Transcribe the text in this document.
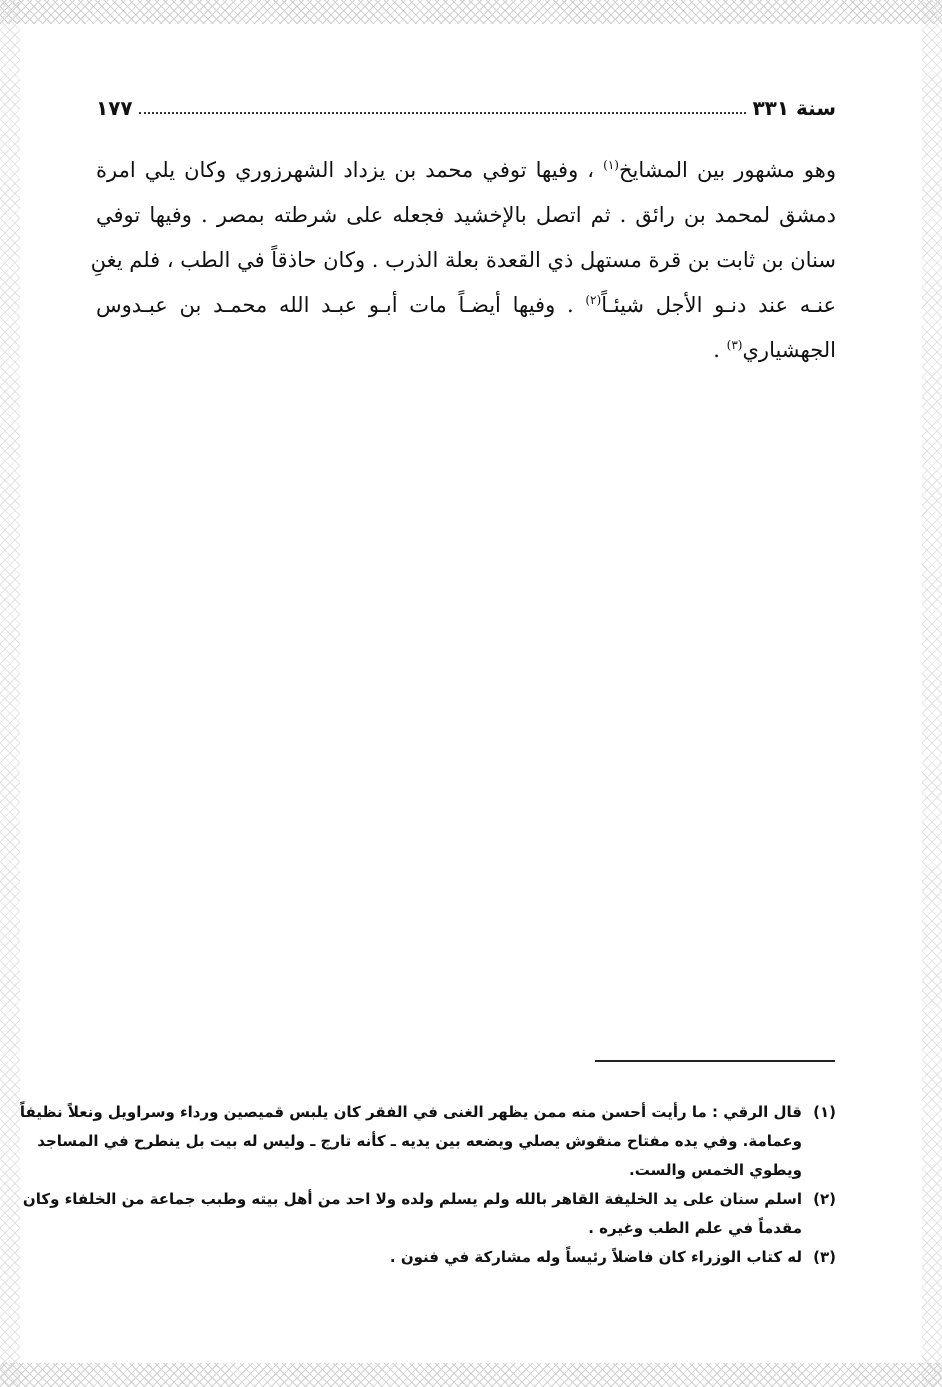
سنة ٣٣١
١٧٧
وهو مشهور بين المشايخ$^{(١)}$ ، وفيها توفي محمد بن يزداد الشهرزوري وكان يلي امرة
دمشق لمحمد بن رائق . ثم اتصل بالإخشيد فجعله على شرطته بمصر . وفيها توفي
سنان بن ثابت بن قرة مستهل ذي القعدة بعلة الذرب . وكان حاذقاً في الطب ، فلم يغنِ
عنـه عند دنـو الأجل شيئـاً$^{(٢)}$ . وفيها أيضـاً مات أبـو عبـد الله محمـد بن عبـدوس
الجهشياري$^{(٣)}$ .
(١)
قال الرقي : ما رأيت أحسن منه ممن يظهر الغنى في الفقر كان يلبس قميصين ورداء وسراويل ونعلاً نظيفاً
وعمامة. وفي يده مفتاح منقوش يصلي ويضعه بين يديه ـ كأنه تارج ـ وليس له بيت بل ينطرح في المساجد
ويطوي الخمس والست.
(٢)
اسلم سنان على يد الخليفة القاهر بالله ولم يسلم ولده ولا احد من أهل بيته وطبب جماعة من الخلفاء وكان
مقدماً في علم الطب وغيره .
(٣)
له كتاب الوزراء كان فاضلاً رئيساً وله مشاركة في فنون .
